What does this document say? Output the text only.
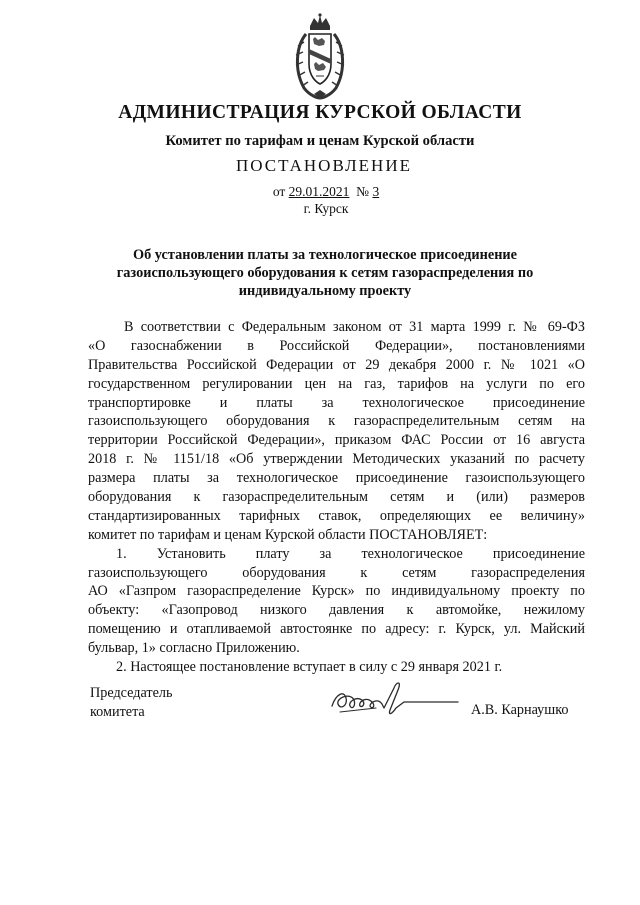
АДМИНИСТРАЦИЯ КУРСКОЙ ОБЛАСТИ
Комитет по тарифам и ценам Курской области
ПОСТАНОВЛЕНИЕ
от 29.01.2021 № 3
г. Курск
Об установлении платы за технологическое присоединение
газоиспользующего оборудования к сетям газораспределения по
индивидуальному проекту
В соответствии с Федеральным законом от 31 марта 1999 г. № 69-ФЗ
«О газоснабжении в Российской Федерации», постановлениями
Правительства Российской Федерации от 29 декабря 2000 г. № 1021 «О
государственном регулировании цен на газ, тарифов на услуги по его
транспортировке и платы за технологическое присоединение
газоиспользующего оборудования к газораспределительным сетям на
территории Российской Федерации», приказом ФАС России от 16 августа
2018 г. № 1151/18 «Об утверждении Методических указаний по расчету
размера платы за технологическое присоединение газоиспользующего
оборудования к газораспределительным сетям и (или) размеров
стандартизированных тарифных ставок, определяющих ее величину»
комитет по тарифам и ценам Курской области ПОСТАНОВЛЯЕТ:
1. Установить плату за технологическое присоединение
газоиспользующего оборудования к сетям газораспределения
АО «Газпром газораспределение Курск» по индивидуальному проекту по
объекту: «Газопровод низкого давления к автомойке, нежилому
помещению и отапливаемой автостоянке по адресу: г. Курск, ул. Майский
бульвар, 1» согласно Приложению.
2. Настоящее постановление вступает в силу с 29 января 2021 г.
Председатель
комитета	А.В. Карнаушко
